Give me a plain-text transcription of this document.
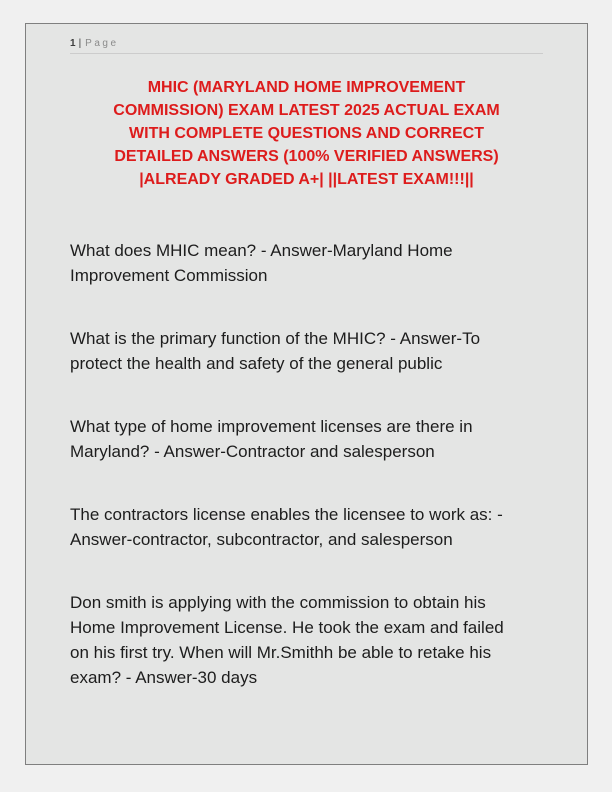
1 | Page
MHIC (MARYLAND HOME IMPROVEMENT
COMMISSION) EXAM LATEST 2025 ACTUAL EXAM
WITH COMPLETE QUESTIONS AND CORRECT
DETAILED ANSWERS (100% VERIFIED ANSWERS)
|ALREADY GRADED A+| ||LATEST EXAM!!!||
What does MHIC mean? - Answer-Maryland Home
Improvement Commission
What is the primary function of the MHIC? - Answer-To
protect the health and safety of the general public
What type of home improvement licenses are there in
Maryland? - Answer-Contractor and salesperson
The contractors license enables the licensee to work as: -
Answer-contractor, subcontractor, and salesperson
Don smith is applying with the commission to obtain his
Home Improvement License. He took the exam and failed
on his first try. When will Mr.Smithh be able to retake his
exam? - Answer-30 days
